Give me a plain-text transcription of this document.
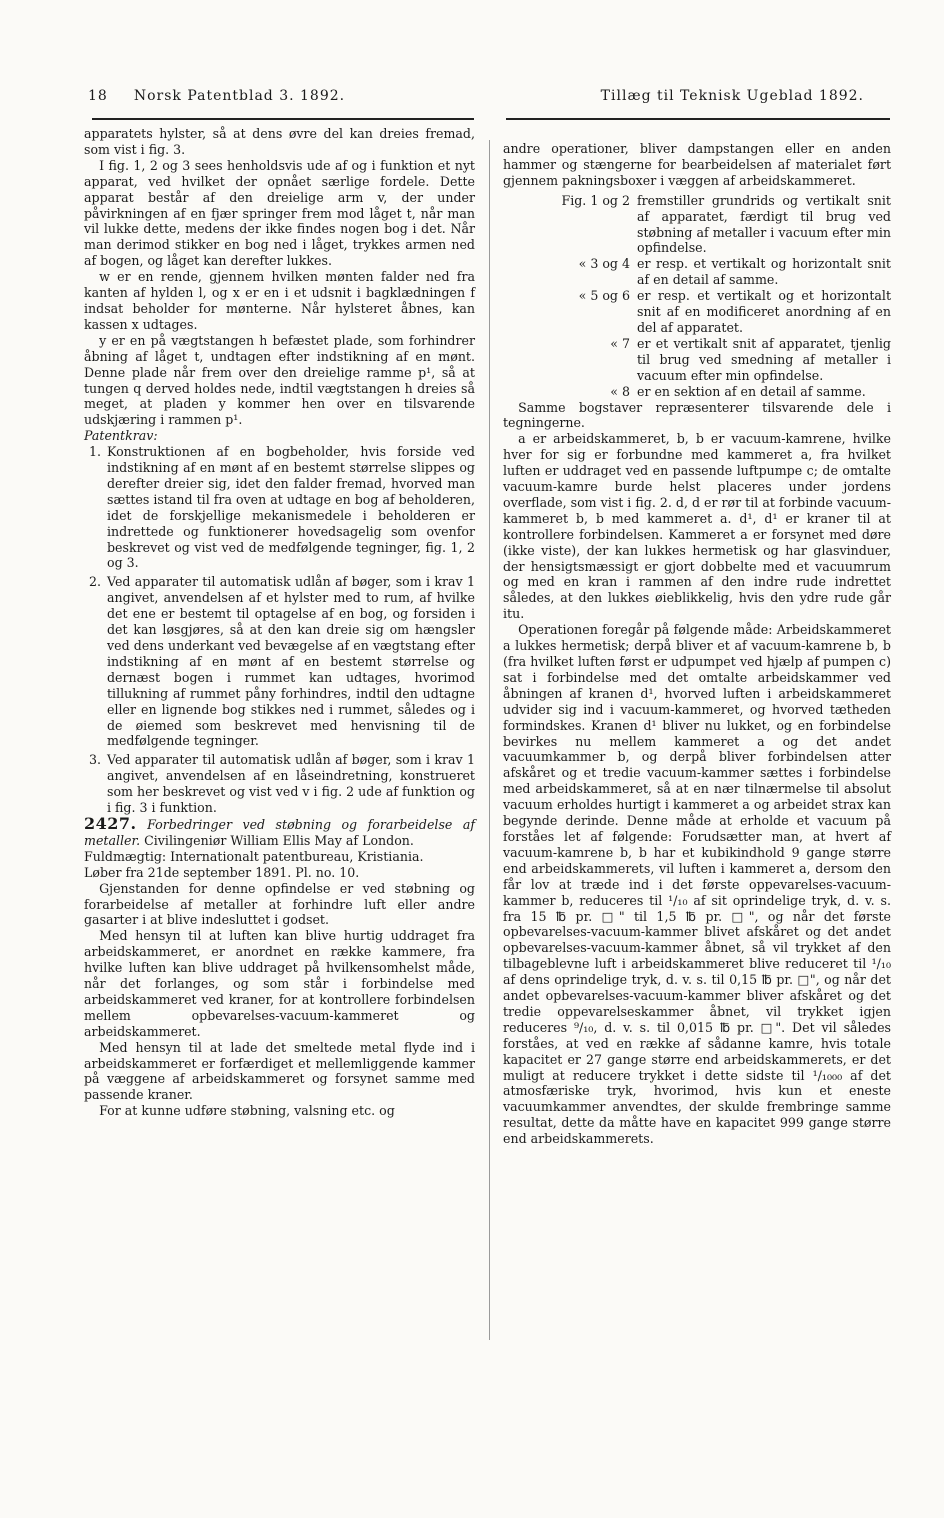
18 Norsk Patentblad 3. 1892.	Tillæg til Teknisk Ugeblad 1892.

apparatets hylster, så at dens øvre del kan dreies fremad, som vist i fig. 3.

I fig. 1, 2 og 3 sees henholdsvis ude af og i funktion et nyt apparat, ved hvilket der opnået særlige fordele. Dette apparat består af den dreielige arm v, der under påvirkningen af en fjær springer frem mod låget t, når man vil lukke dette, medens der ikke findes nogen bog i det. Når man derimod stikker en bog ned i låget, trykkes armen ned af bogen, og låget kan derefter lukkes.

w er en rende, gjennem hvilken mønten falder ned fra kanten af hylden l, og x er en i et udsnit i bagklædningen f indsat beholder for mønterne. Når hylsteret åbnes, kan kassen x udtages.

y er en på vægtstangen h befæstet plade, som forhindrer åbning af låget t, undtagen efter indstikning af en mønt. Denne plade når frem over den dreielige ramme p¹, så at tungen q derved holdes nede, indtil vægtstangen h dreies så meget, at pladen y kommer hen over en tilsvarende udskjæring i rammen p¹.

Patentkrav:

1. Konstruktionen af en bogbeholder, hvis forside ved indstikning af en mønt af en bestemt størrelse slippes og derefter dreier sig, idet den falder fremad, hvorved man sættes istand til fra oven at udtage en bog af beholderen, idet de forskjellige mekanismedele i beholderen er indrettede og funktionerer hovedsagelig som ovenfor beskrevet og vist ved de medfølgende tegninger, fig. 1, 2 og 3.

2. Ved apparater til automatisk udlån af bøger, som i krav 1 angivet, anvendelsen af et hylster med to rum, af hvilke det ene er bestemt til optagelse af en bog, og forsiden i det kan løsgjøres, så at den kan dreie sig om hængsler ved dens underkant ved bevægelse af en vægtstang efter indstikning af en mønt af en bestemt størrelse og dernæst bogen i rummet kan udtages, hvorimod tillukning af rummet påny forhindres, indtil den udtagne eller en lignende bog stikkes ned i rummet, således og i de øiemed som beskrevet med henvisning til de medfølgende tegninger.

3. Ved apparater til automatisk udlån af bøger, som i krav 1 angivet, anvendelsen af en låseindretning, konstrueret som her beskrevet og vist ved v i fig. 2 ude af funktion og i fig. 3 i funktion.

2427. Forbedringer ved støbning og forarbeidelse af metaller. Civilingeniør William Ellis May af London.
Fuldmægtig: Internationalt patentbureau, Kristiania.
Løber fra 21de september 1891. Pl. no. 10.

Gjenstanden for denne opfindelse er ved støbning og forarbeidelse af metaller at forhindre luft eller andre gasarter i at blive indesluttet i godset.

Med hensyn til at luften kan blive hurtig uddraget fra arbeidskammeret, er anordnet en række kammere, fra hvilke luften kan blive uddraget på hvilkensomhelst måde, når det forlanges, og som står i forbindelse med arbeidskammeret ved kraner, for at kontrollere forbindelsen mellem opbevarelses-vacuum-kammeret og arbeidskammeret.

Med hensyn til at lade det smeltede metal flyde ind i arbeidskammeret er forfærdiget et mellemliggende kammer på væggene af arbeidskammeret og forsynet samme med passende kraner.

For at kunne udføre støbning, valsning etc. og

andre operationer, bliver dampstangen eller en anden hammer og stængerne for bearbeidelsen af materialet ført gjennem pakningsboxer i væggen af arbeidskammeret.

Fig. 1 og 2 fremstiller grundrids og vertikalt snit af apparatet, færdigt til brug ved støbning af metaller i vacuum efter min opfindelse.
« 3 og 4 er resp. et vertikalt og horizontalt snit af en detail af samme.
« 5 og 6 er resp. et vertikalt og et horizontalt snit af en modificeret anordning af en del af apparatet.
« 7 er et vertikalt snit af apparatet, tjenlig til brug ved smedning af metaller i vacuum efter min opfindelse.
« 8 er en sektion af en detail af samme.

Samme bogstaver repræsenterer tilsvarende dele i tegningerne.

a er arbeidskammeret, b, b er vacuum-kamrene, hvilke hver for sig er forbundne med kammeret a, fra hvilket luften er uddraget ved en passende luftpumpe c; de omtalte vacuum-kamre burde helst placeres under jordens overflade, som vist i fig. 2. d, d er rør til at forbinde vacuum-kammeret b, b med kammeret a. d¹, d¹ er kraner til at kontrollere forbindelsen. Kammeret a er forsynet med døre (ikke viste), der kan lukkes hermetisk og har glasvinduer, der hensigtsmæssigt er gjort dobbelte med et vacuumrum og med en kran i rammen af den indre rude indrettet således, at den lukkes øieblikkelig, hvis den ydre rude går itu.

Operationen foregår på følgende måde: Arbeidskammeret a lukkes hermetisk; derpå bliver et af vacuum-kamrene b, b (fra hvilket luften først er udpumpet ved hjælp af pumpen c) sat i forbindelse med det omtalte arbeidskammer ved åbningen af kranen d¹, hvorved luften i arbeidskammeret udvider sig ind i vacuum-kammeret, og hvorved tætheden formindskes. Kranen d¹ bliver nu lukket, og en forbindelse bevirkes nu mellem kammeret a og det andet vacuumkammer b, og derpå bliver forbindelsen atter afskåret og et tredie vacuum-kammer sættes i forbindelse med arbeidskammeret, så at en nær tilnærmelse til absolut vacuum erholdes hurtigt i kammeret a og arbeidet strax kan begynde derinde. Denne måde at erholde et vacuum på forståes let af følgende: Forudsætter man, at hvert af vacuum-kamrene b, b har et kubikindhold 9 gange større end arbeidskammerets, vil luften i kammeret a, dersom den får lov at træde ind i det første oppevarelses-vacuum-kammer b, reduceres til ¹/₁₀ af sit oprindelige tryk, d. v. s. fra 15 ℔ pr. □" til 1,5 ℔ pr. □", og når det første opbevarelses-vacuum-kammer blivet afskåret og det andet opbevarelses-vacuum-kammer åbnet, så vil trykket af den tilbageblevne luft i arbeidskammeret blive reduceret til ¹/₁₀ af dens oprindelige tryk, d. v. s. til 0,15 ℔ pr. □", og når det andet opbevarelses-vacuum-kammer bliver afskåret og det tredie oppevarelseskammer åbnet, vil trykket igjen reduceres ⁹/₁₀, d. v. s. til 0,015 ℔ pr. □". Det vil således forståes, at ved en række af sådanne kamre, hvis totale kapacitet er 27 gange større end arbeidskammerets, er det muligt at reducere trykket i dette sidste til ¹/₁₀₀₀ af det atmosfæriske tryk, hvorimod, hvis kun et eneste vacuumkammer anvendtes, der skulde frembringe samme resultat, dette da måtte have en kapacitet 999 gange større end arbeidskammerets.
